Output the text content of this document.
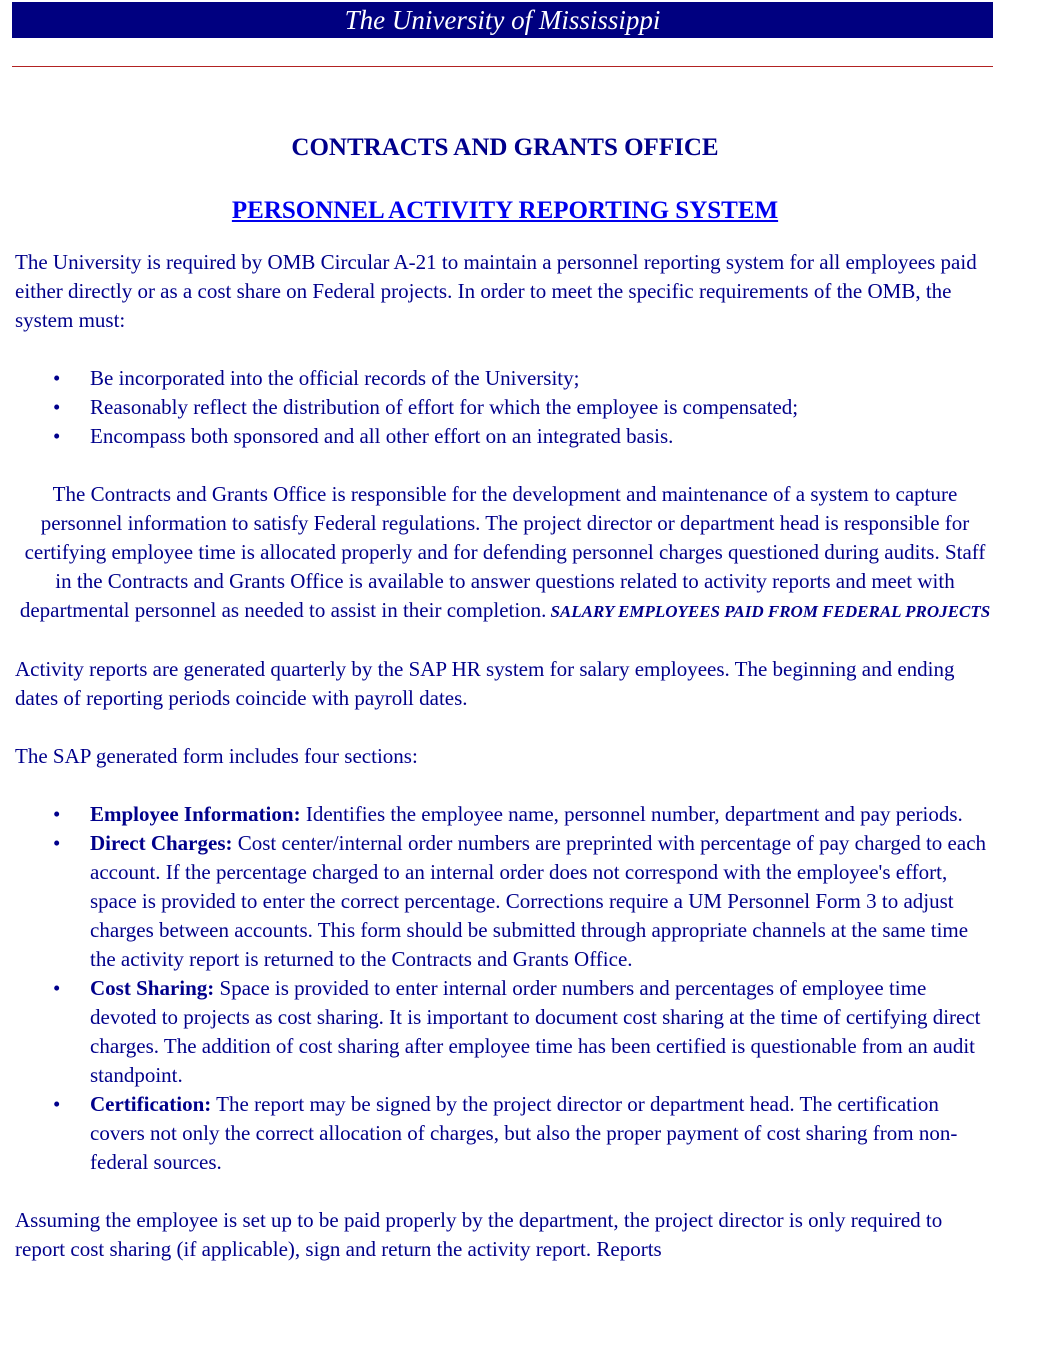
The University of Mississippi
CONTRACTS AND GRANTS OFFICE
PERSONNEL ACTIVITY REPORTING SYSTEM

The University is required by OMB Circular A-21 to maintain a personnel reporting system for all employees paid either directly or as a cost share on Federal projects. In order to meet the specific requirements of the OMB, the system must:

• Be incorporated into the official records of the University;
• Reasonably reflect the distribution of effort for which the employee is compensated;
• Encompass both sponsored and all other effort on an integrated basis.

The Contracts and Grants Office is responsible for the development and maintenance of a system to capture personnel information to satisfy Federal regulations. The project director or department head is responsible for certifying employee time is allocated properly and for defending personnel charges questioned during audits. Staff in the Contracts and Grants Office is available to answer questions related to activity reports and meet with departmental personnel as needed to assist in their completion. SALARY EMPLOYEES PAID FROM FEDERAL PROJECTS

Activity reports are generated quarterly by the SAP HR system for salary employees. The beginning and ending dates of reporting periods coincide with payroll dates.

The SAP generated form includes four sections:

• Employee Information: Identifies the employee name, personnel number, department and pay periods.
• Direct Charges: Cost center/internal order numbers are preprinted with percentage of pay charged to each account. If the percentage charged to an internal order does not correspond with the employee's effort, space is provided to enter the correct percentage. Corrections require a UM Personnel Form 3 to adjust charges between accounts. This form should be submitted through appropriate channels at the same time the activity report is returned to the Contracts and Grants Office.
• Cost Sharing: Space is provided to enter internal order numbers and percentages of employee time devoted to projects as cost sharing. It is important to document cost sharing at the time of certifying direct charges. The addition of cost sharing after employee time has been certified is questionable from an audit standpoint.
• Certification: The report may be signed by the project director or department head. The certification covers not only the correct allocation of charges, but also the proper payment of cost sharing from non-federal sources.

Assuming the employee is set up to be paid properly by the department, the project director is only required to report cost sharing (if applicable), sign and return the activity report. Reports
